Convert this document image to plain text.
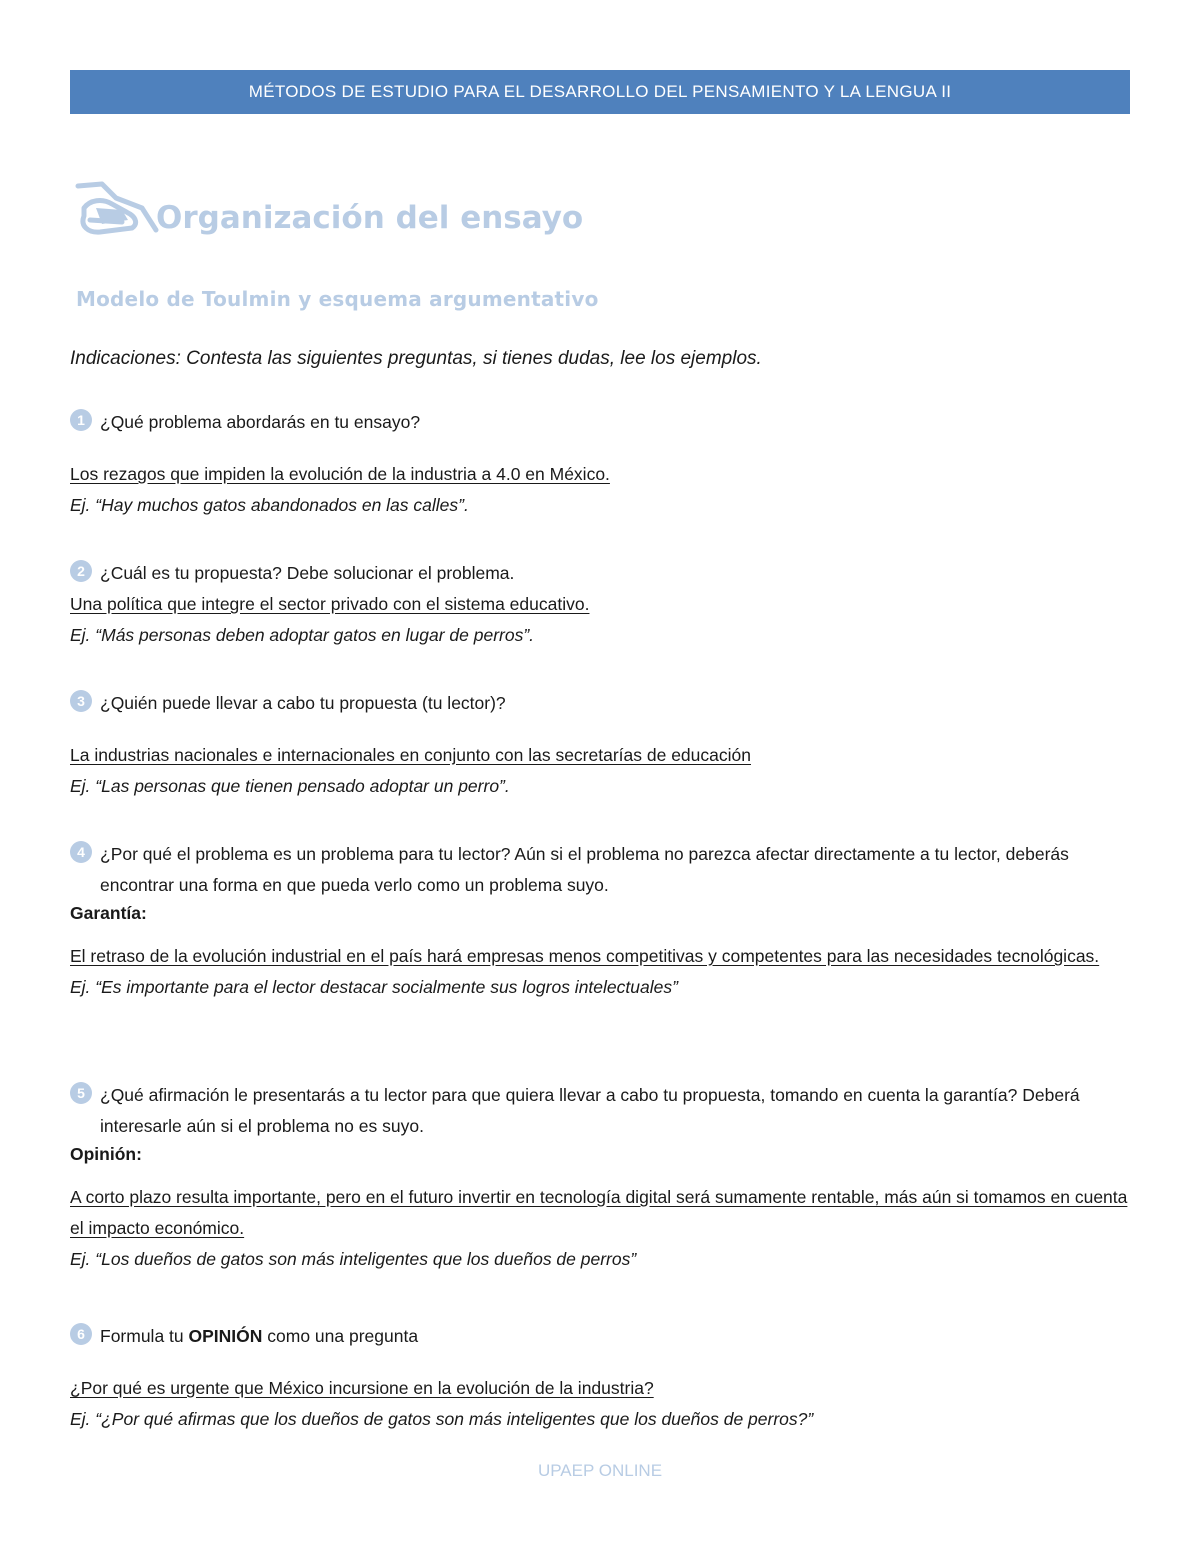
MÉTODOS DE ESTUDIO PARA EL DESARROLLO DEL PENSAMIENTO Y LA LENGUA II
Organización del ensayo
Modelo de Toulmin y esquema argumentativo
Indicaciones: Contesta las siguientes preguntas, si tienes dudas, lee los ejemplos.
1 ¿Qué problema abordarás en tu ensayo?
Los rezagos que impiden la evolución de la industria a 4.0 en México.
Ej. “Hay muchos gatos abandonados en las calles”.
2 ¿Cuál es tu propuesta? Debe solucionar el problema.
Una política que integre el sector privado con el sistema educativo.
Ej. “Más personas deben adoptar gatos en lugar de perros”.
3 ¿Quién puede llevar a cabo tu propuesta (tu lector)?
La industrias nacionales e internacionales en conjunto con las secretarías de educación
Ej. “Las personas que tienen pensado adoptar un perro”.
4 ¿Por qué el problema es un problema para tu lector? Aún si el problema no parezca afectar directamente a tu lector, deberás encontrar una forma en que pueda verlo como un problema suyo.
Garantía:
El retraso de la evolución industrial en el país hará empresas menos competitivas y competentes para las necesidades tecnológicas.
Ej. “Es importante para el lector destacar socialmente sus logros intelectuales”
5 ¿Qué afirmación le presentarás a tu lector para que quiera llevar a cabo tu propuesta, tomando en cuenta la garantía? Deberá interesarle aún si el problema no es suyo.
Opinión:
A corto plazo resulta importante, pero en el futuro invertir en tecnología digital será sumamente rentable, más aún si tomamos en cuenta el impacto económico.
Ej. “Los dueños de gatos son más inteligentes que los dueños de perros”
6 Formula tu OPINIÓN como una pregunta
¿Por qué es urgente que México incursione en la evolución de la industria?
Ej. “¿Por qué afirmas que los dueños de gatos son más inteligentes que los dueños de perros?”
UPAEP ONLINE
